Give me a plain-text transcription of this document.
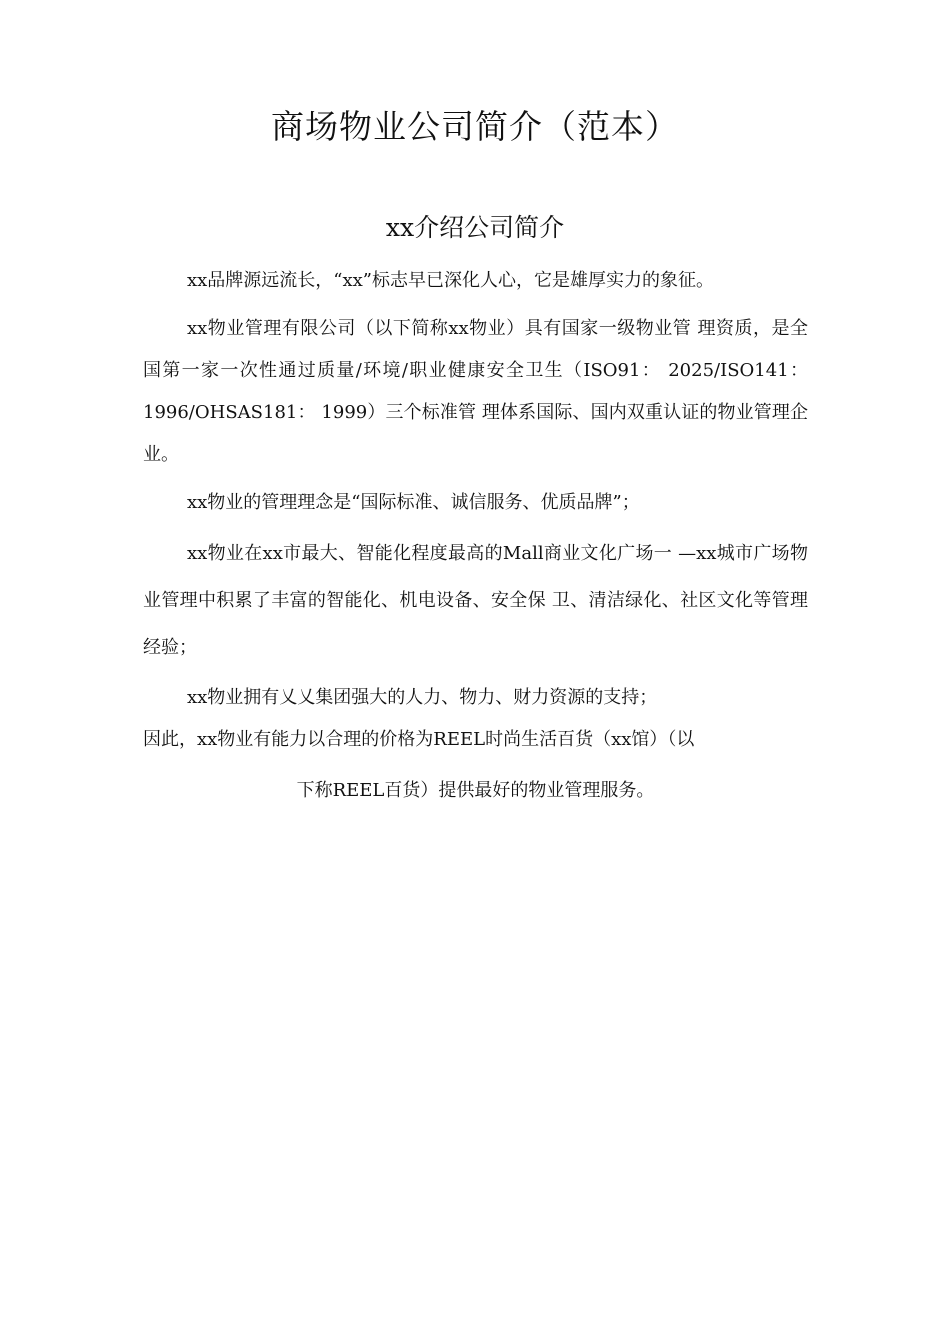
商场物业公司简介（范本）
xx介绍公司简介

xx品牌源远流长，“xx”标志早已深化人心，它是雄厚实力的象征。

xx物业管理有限公司（以下简称xx物业）具有国家一级物业管 理资质，是全国第一家一次性通过质量/环境/职业健康安全卫生（ISO91： 2025/ISO141： 1996/OHSAS181： 1999）三个标准管 理体系国际、国内双重认证的物业管理企业。

xx物业的管理理念是“国际标准、诚信服务、优质品牌”；

xx物业在xx市最大、智能化程度最高的Mall商业文化广场一 —xx城市广场物业管理中积累了丰富的智能化、机电设备、安全保 卫、清洁绿化、社区文化等管理经验；

xx物业拥有乂乂集团强大的人力、物力、财力资源的支持；

因此，xx物业有能力以合理的价格为REEL时尚生活百货（xx馆）（以

下称REEL百货）提供最好的物业管理服务。
